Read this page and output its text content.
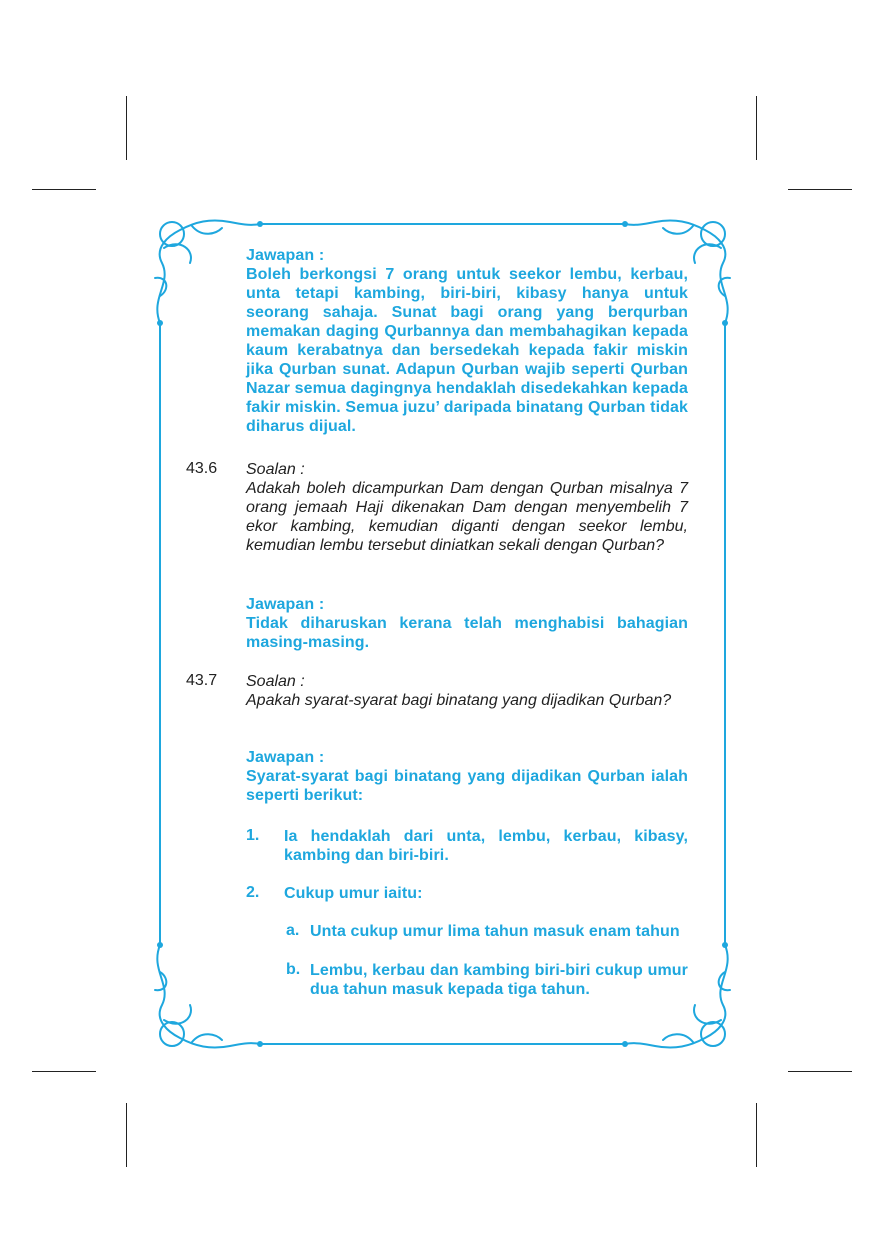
Jawapan :
Boleh berkongsi 7 orang untuk seekor lembu, kerbau, unta tetapi kambing, biri-biri, kibasy hanya untuk seorang sahaja. Sunat bagi orang yang berqurban memakan daging Qurbannya dan membahagikan kepada kaum kerabatnya dan bersedekah kepada fakir miskin jika Qurban sunat. Adapun Qurban wajib seperti Qurban Nazar semua dagingnya hendaklah disedekahkan kepada fakir miskin. Semua juzu’ daripada binatang Qurban tidak diharus dijual.
43.6 Soalan :
Adakah boleh dicampurkan Dam dengan Qurban misalnya 7 orang jemaah Haji dikenakan Dam dengan menyembelih 7 ekor kambing, kemudian diganti dengan seekor lembu, kemudian lembu tersebut diniatkan sekali dengan Qurban?
Jawapan :
Tidak diharuskan kerana telah menghabisi bahagian masing-masing.
43.7 Soalan :
Apakah syarat-syarat bagi binatang yang dijadikan Qurban?
Jawapan :
Syarat-syarat bagi binatang yang dijadikan Qurban ialah seperti berikut:
1. Ia hendaklah dari unta, lembu, kerbau, kibasy, kambing dan biri-biri.
2. Cukup umur iaitu:
a. Unta cukup umur lima tahun masuk enam tahun
b. Lembu, kerbau dan kambing biri-biri cukup umur dua tahun masuk kepada tiga tahun.
